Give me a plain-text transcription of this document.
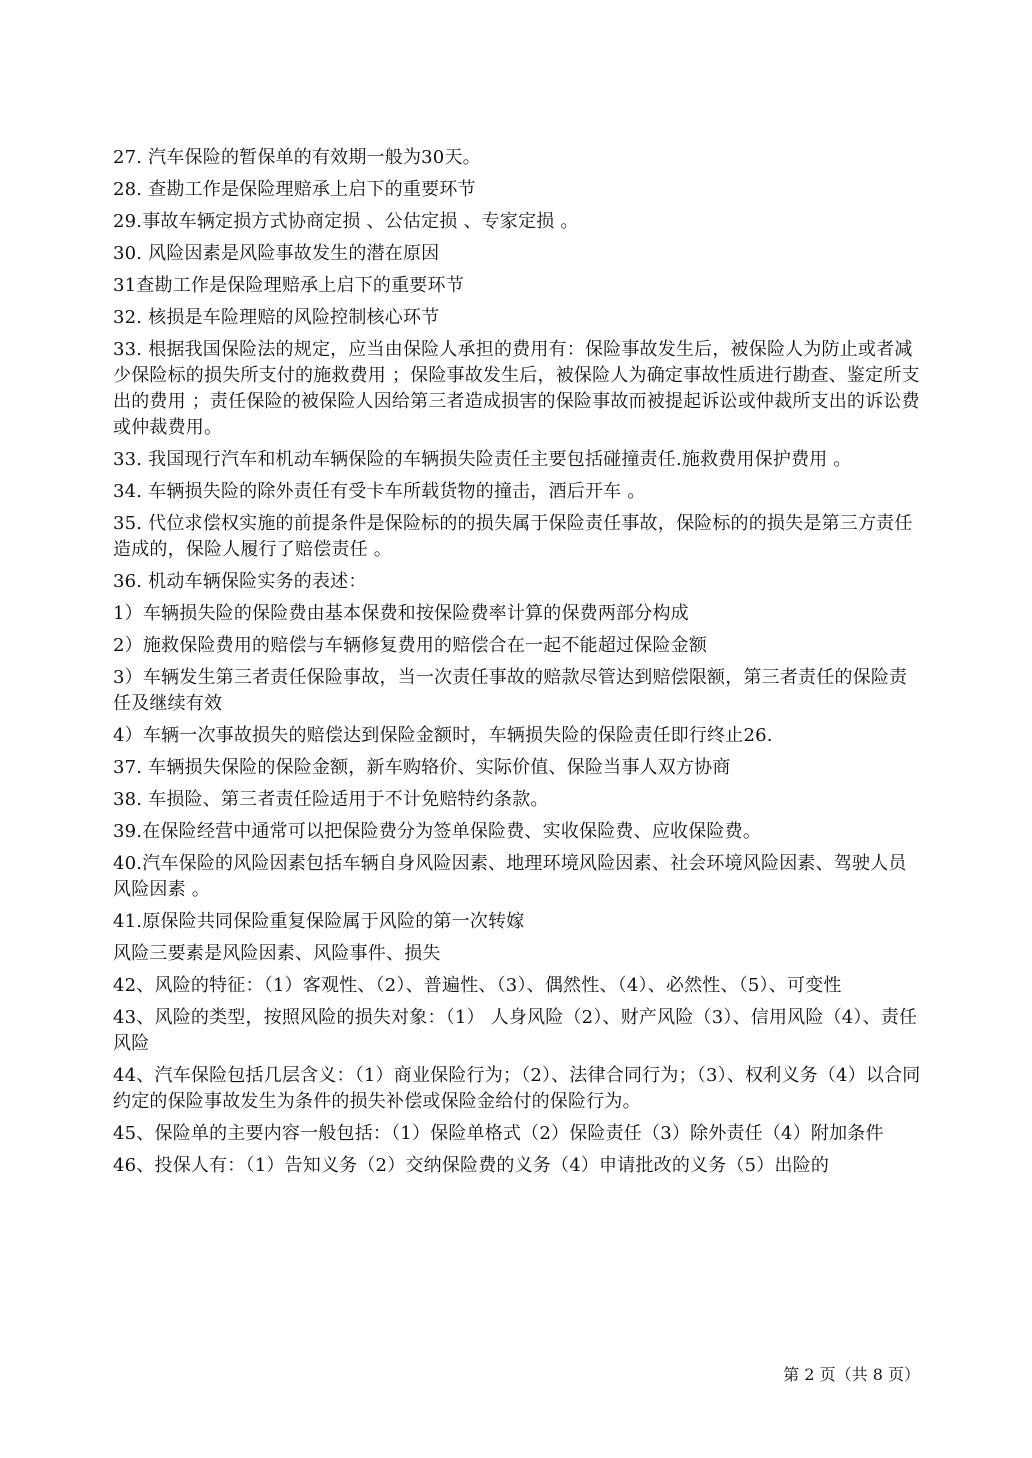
27. 汽车保险的暂保单的有效期一般为30天。

28. 查勘工作是保险理赔承上启下的重要环节

29.事故车辆定损方式协商定损 、公估定损 、专家定损 。

30. 风险因素是风险事故发生的潜在原因

31查勘工作是保险理赔承上启下的重要环节

32. 核损是车险理赔的风险控制核心环节

33. 根据我国保险法的规定，应当由保险人承担的费用有：保险事故发生后，被保险人为防止或者减少保险标的损失所支付的施救费用 ；保险事故发生后，被保险人为确定事故性质进行勘查、鉴定所支出的费用 ；责任保险的被保险人因给第三者造成损害的保险事故而被提起诉讼或仲裁所支出的诉讼费或仲裁费用。

33. 我国现行汽车和机动车辆保险的车辆损失险责任主要包括碰撞责任.施救费用保护费用 。

34. 车辆损失险的除外责任有受卡车所载货物的撞击，酒后开车 。

35. 代位求偿权实施的前提条件是保险标的的损失属于保险责任事故，保险标的的损失是第三方责任造成的，保险人履行了赔偿责任 。

36. 机动车辆保险实务的表述：

1）车辆损失险的保险费由基本保费和按保险费率计算的保费两部分构成

2）施救保险费用的赔偿与车辆修复费用的赔偿合在一起不能超过保险金额

3）车辆发生第三者责任保险事故，当一次责任事故的赔款尽管达到赔偿限额，第三者责任的保险责任及继续有效

4）车辆一次事故损失的赔偿达到保险金额时，车辆损失险的保险责任即行终止26.

37. 车辆损失保险的保险金额，新车购辂价、实际价值、保险当事人双方协商

38. 车损险、第三者责任险适用于不计免赔特约条款。

39.在保险经营中通常可以把保险费分为签单保险费、实收保险费、应收保险费。

40.汽车保险的风险因素包括车辆自身风险因素、地理环境风险因素、社会环境风险因素、驾驶人员风险因素 。

41.原保险共同保险重复保险属于风险的第一次转嫁

风险三要素是风险因素、风险事件、损失

42、风险的特征：（1）客观性、（2）、普遍性、（3）、偶然性、（4）、必然性、（5）、可变性

43、风险的类型，按照风险的损失对象：（1） 人身风险（2）、财产风险（3）、信用风险（4）、责任风险

44、汽车保险包括几层含义：（1）商业保险行为；（2）、法律合同行为；（3）、权利义务（4）以合同约定的保险事故发生为条件的损失补偿或保险金给付的保险行为。

45、保险单的主要内容一般包括：（1）保险单格式（2）保险责任（3）除外责任（4）附加条件

46、投保人有：（1）告知义务（2）交纳保险费的义务（4）申请批改的义务（5）出险的

第 2 页（共 8 页）
